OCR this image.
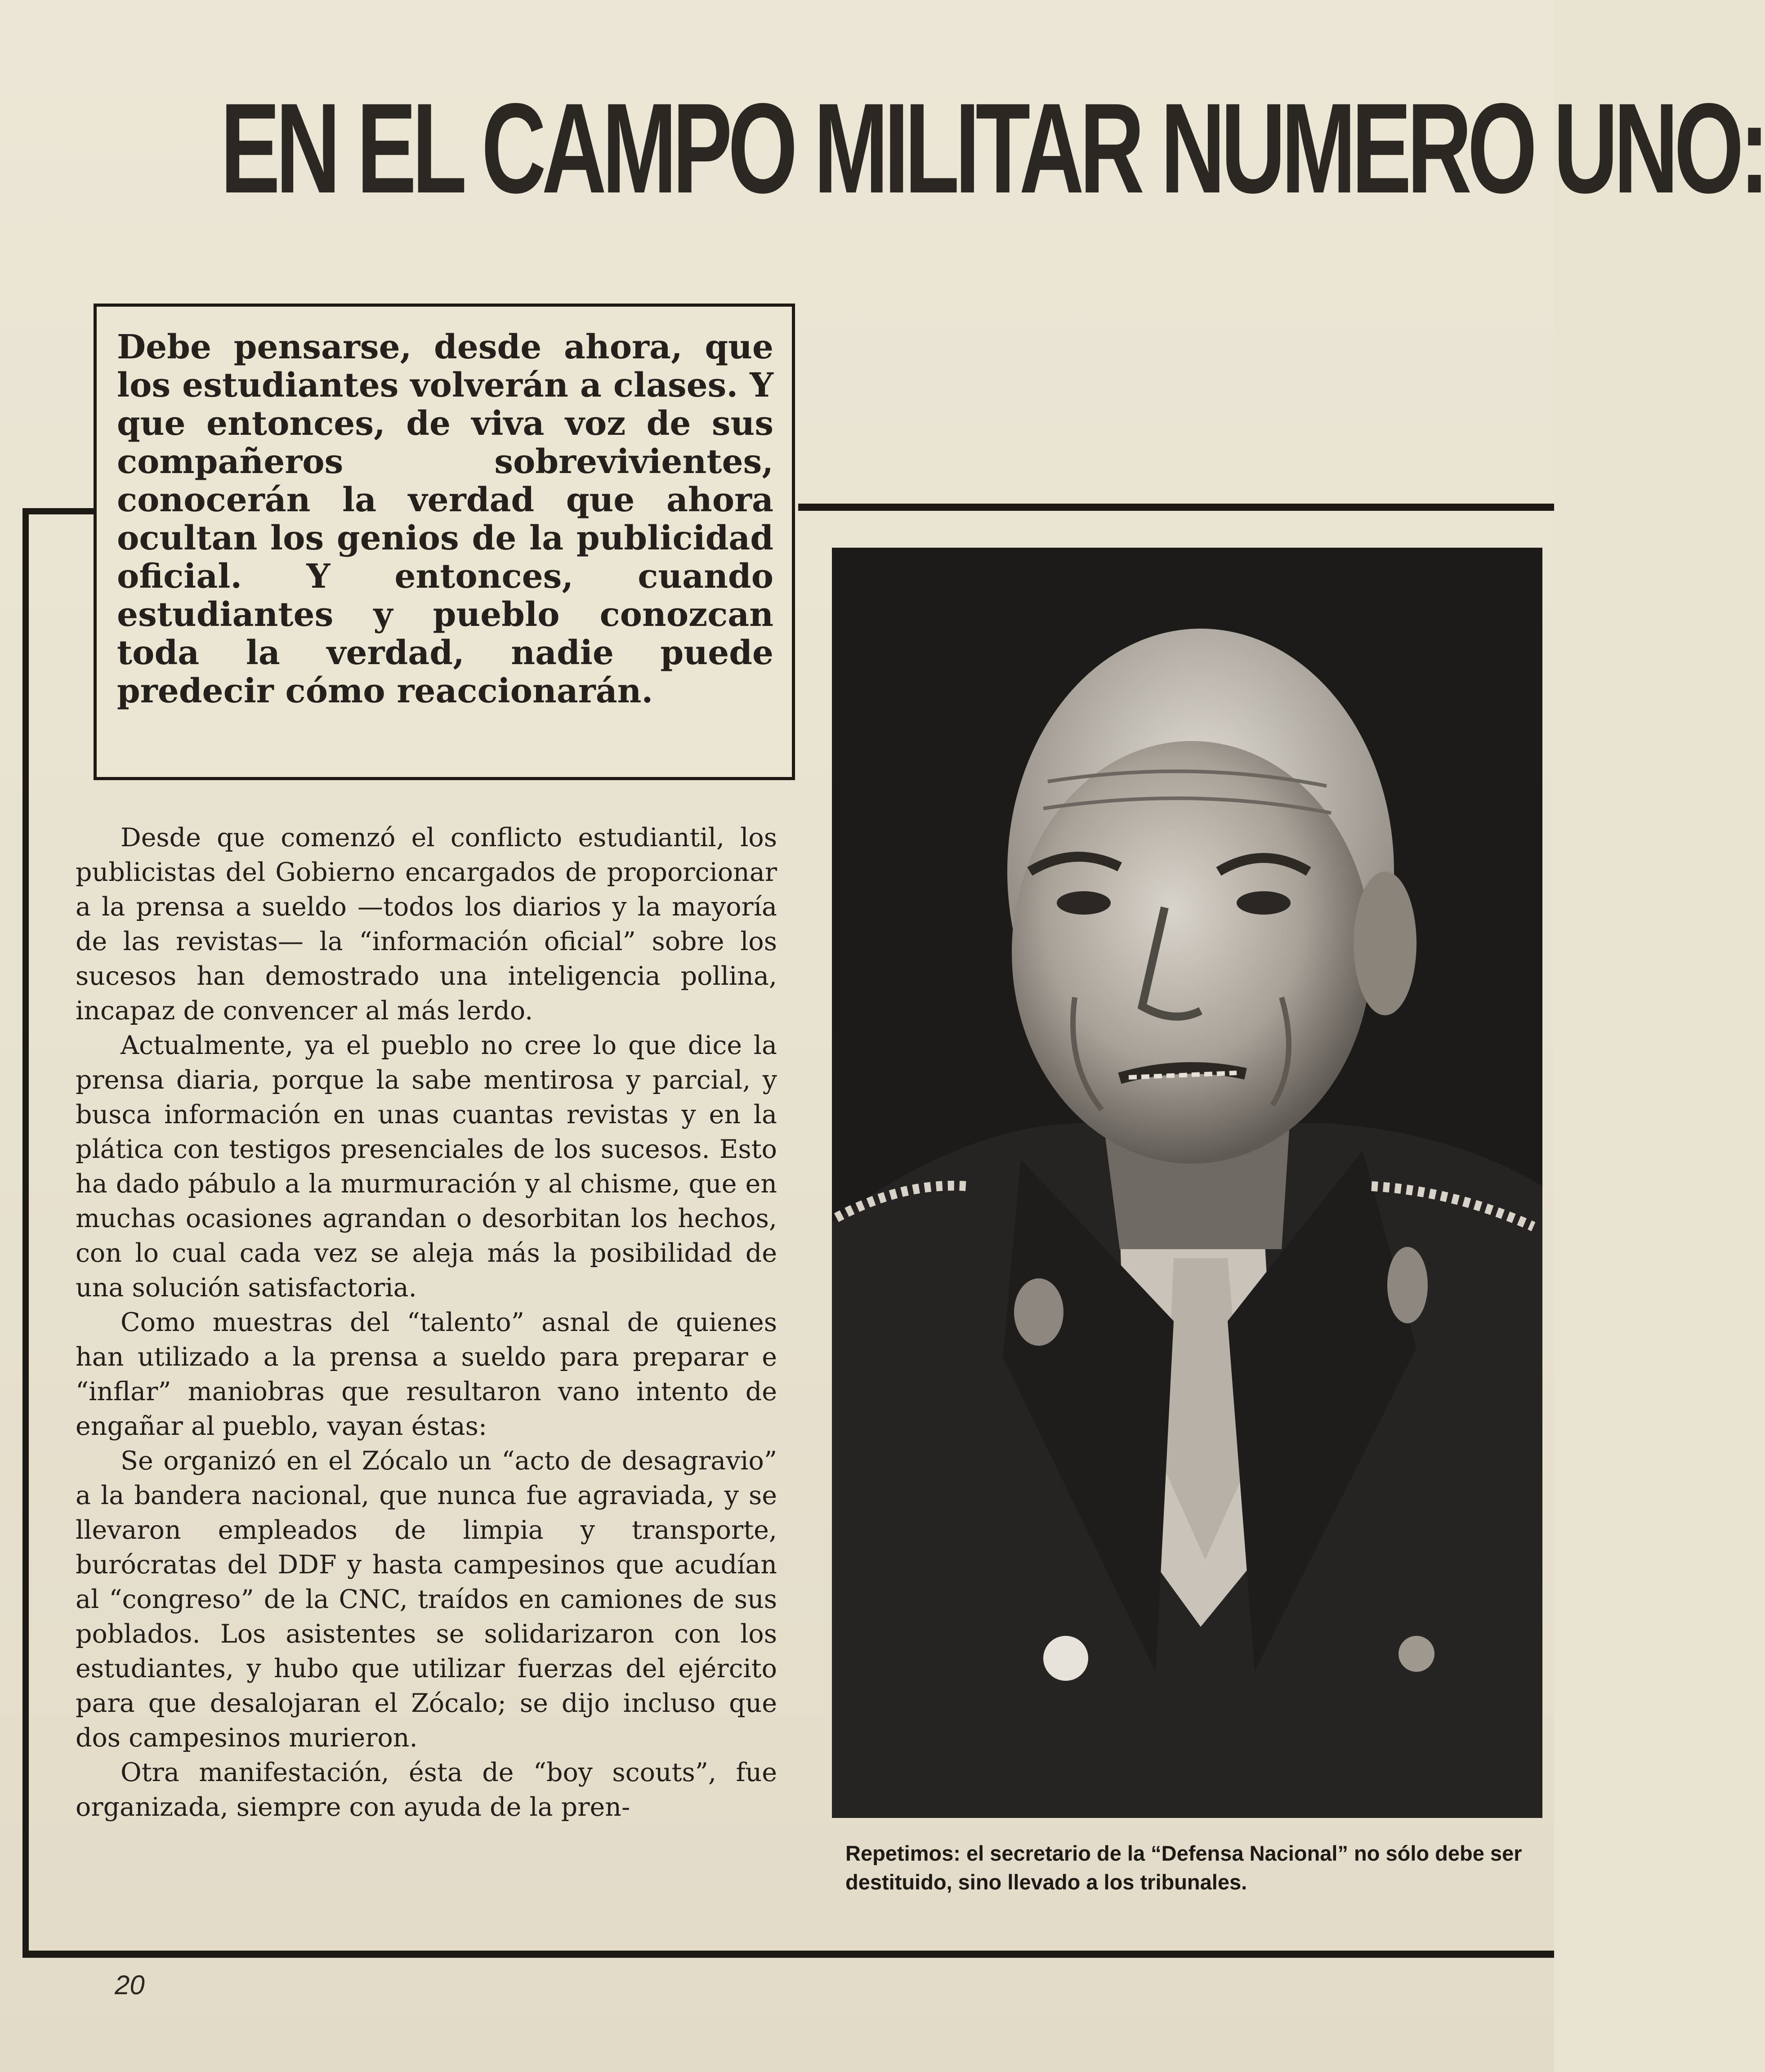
EN EL CAMPO MILITAR NUMERO UNO:
Debe pensarse, desde ahora, que los estudiantes volverán a clases. Y que entonces, de viva voz de sus compañeros sobrevivientes, conocerán la verdad que ahora ocultan los genios de la publicidad oficial. Y entonces, cuando estudiantes y pueblo conozcan toda la verdad, nadie puede predecir cómo reaccionarán.

Desde que comenzó el conflicto estudiantil, los publicistas del Gobierno encargados de proporcionar a la prensa a sueldo —todos los diarios y la mayoría de las revistas— la “información oficial” sobre los sucesos han demostrado una inteligencia pollina, incapaz de convencer al más lerdo.

Actualmente, ya el pueblo no cree lo que dice la prensa diaria, porque la sabe mentirosa y parcial, y busca información en unas cuantas revistas y en la plática con testigos presenciales de los sucesos. Esto ha dado pábulo a la murmuración y al chisme, que en muchas ocasiones agrandan o desorbitan los hechos, con lo cual cada vez se aleja más la posibilidad de una solución satisfactoria.

Como muestras del “talento” asnal de quienes han utilizado a la prensa a sueldo para preparar e “inflar” maniobras que resultaron vano intento de engañar al pueblo, vayan éstas:

Se organizó en el Zócalo un “acto de desagravio” a la bandera nacional, que nunca fue agraviada, y se llevaron empleados de limpia y transporte, burócratas del DDF y hasta campesinos que acudían al “congreso” de la CNC, traídos en camiones de sus poblados. Los asistentes se solidarizaron con los estudiantes, y hubo que utilizar fuerzas del ejército para que desalojaran el Zócalo; se dijo incluso que dos campesinos murieron.

Otra manifestación, ésta de “boy scouts”, fue organizada, siempre con ayuda de la pren-

Repetimos: el secretario de la “Defensa Nacional” no sólo debe ser destituido, sino llevado a los tribunales.
20
